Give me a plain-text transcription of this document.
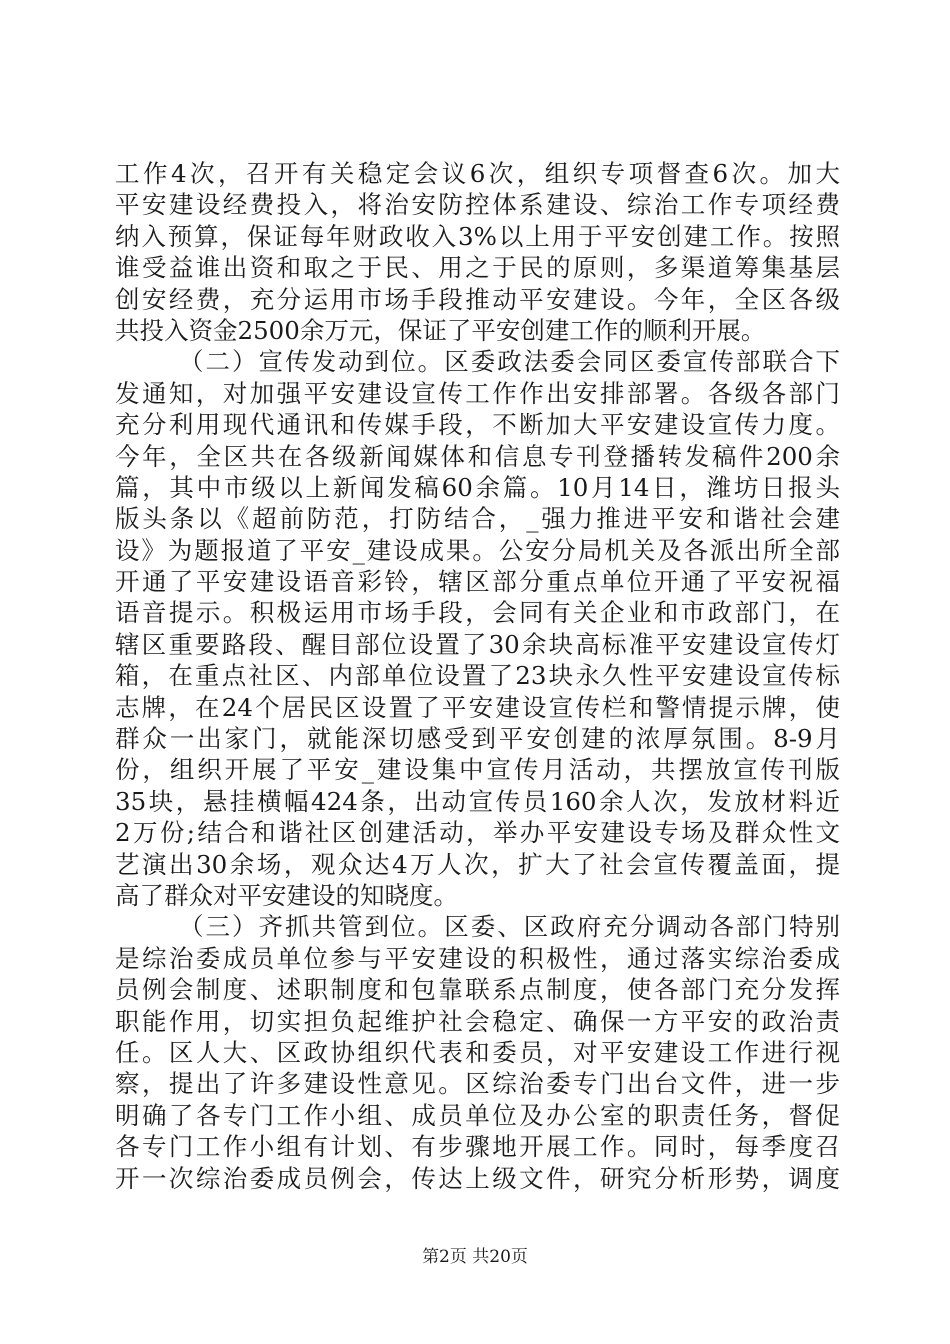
工作4次，召开有关稳定会议6次，组织专项督查6次。加大
平安建设经费投入，将治安防控体系建设、综治工作专项经费
纳入预算，保证每年财政收入3%以上用于平安创建工作。按照
谁受益谁出资和取之于民、用之于民的原则，多渠道筹集基层
创安经费，充分运用市场手段推动平安建设。今年，全区各级
共投入资金2500余万元，保证了平安创建工作的顺利开展。
（二）宣传发动到位。区委政法委会同区委宣传部联合下
发通知，对加强平安建设宣传工作作出安排部署。各级各部门
充分利用现代通讯和传媒手段，不断加大平安建设宣传力度。
今年，全区共在各级新闻媒体和信息专刊登播转发稿件200余
篇，其中市级以上新闻发稿60余篇。10月14日，潍坊日报头
版头条以《超前防范，打防结合，_强力推进平安和谐社会建
设》为题报道了平安_建设成果。公安分局机关及各派出所全部
开通了平安建设语音彩铃，辖区部分重点单位开通了平安祝福
语音提示。积极运用市场手段，会同有关企业和市政部门，在
辖区重要路段、醒目部位设置了30余块高标准平安建设宣传灯
箱，在重点社区、内部单位设置了23块永久性平安建设宣传标
志牌，在24个居民区设置了平安建设宣传栏和警情提示牌，使
群众一出家门，就能深切感受到平安创建的浓厚氛围。8-9月
份，组织开展了平安_建设集中宣传月活动，共摆放宣传刊版
35块，悬挂横幅424条，出动宣传员160余人次，发放材料近
2万份;结合和谐社区创建活动，举办平安建设专场及群众性文
艺演出30余场，观众达4万人次，扩大了社会宣传覆盖面，提
高了群众对平安建设的知晓度。
（三）齐抓共管到位。区委、区政府充分调动各部门特别
是综治委成员单位参与平安建设的积极性，通过落实综治委成
员例会制度、述职制度和包靠联系点制度，使各部门充分发挥
职能作用，切实担负起维护社会稳定、确保一方平安的政治责
任。区人大、区政协组织代表和委员，对平安建设工作进行视
察，提出了许多建设性意见。区综治委专门出台文件，进一步
明确了各专门工作小组、成员单位及办公室的职责任务，督促
各专门工作小组有计划、有步骤地开展工作。同时，每季度召
开一次综治委成员例会，传达上级文件，研究分析形势，调度
第2页 共20页
